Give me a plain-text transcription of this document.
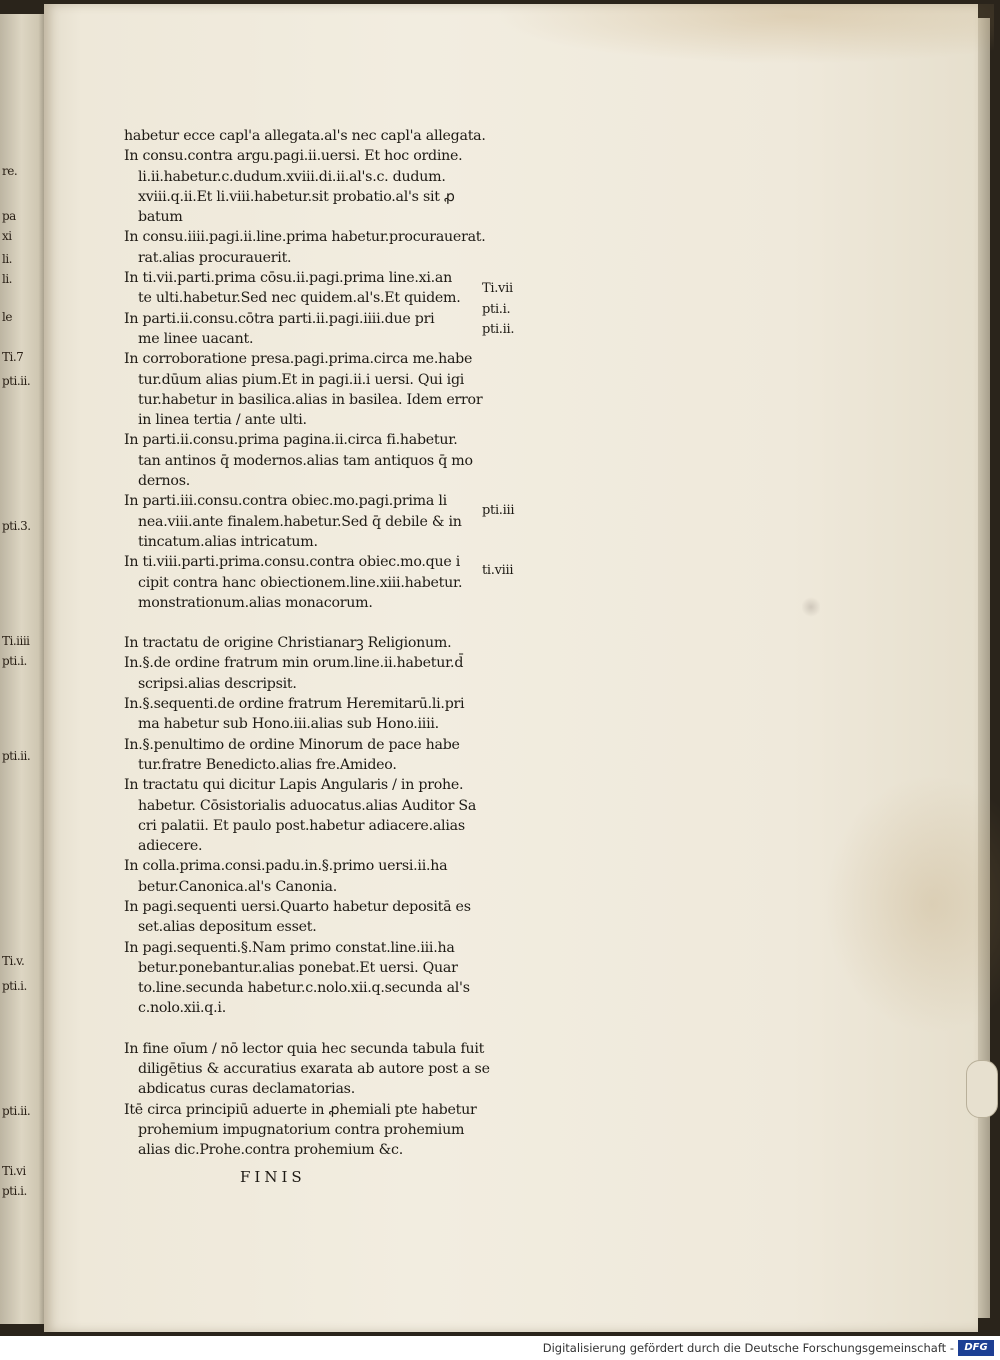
re.
pa
xi
li.
li.
le
Ti.7
pti.ii.
pti.3.
Ti.iiii
pti.i.
pti.ii.
Ti.v.
pti.i.
pti.ii.
Ti.vi
pti.i.
habetur ecce capl'a allegata.al's nec capl'a allegata.
In consu.contra argu.pagi.ii.uersi. Et hoc ordine.
li.ii.habetur.c.dudum.xviii.di.ii.al's.c. dudum.
xviii.q.ii.Et li.viii.habetur.sit probatio.al's sit ꝓ
batum
In consu.iiii.pagi.ii.line.prima habetur.procurauerat.
rat.alias procurauerit.
In ti.vii.parti.prima cōsu.ii.pagi.prima line.xi.an
te ulti.habetur.Sed nec quidem.al's.Et quidem.
In parti.ii.consu.cōtra parti.ii.pagi.iiii.due pri
me linee uacant.
In corroboratione presa.pagi.prima.circa me.habe
tur.dūum alias pium.Et in pagi.ii.i uersi. Qui igi
tur.habetur in basilica.alias in basilea. Idem error
in linea tertia / ante ulti.
In parti.ii.consu.prima pagina.ii.circa fi.habetur.
tan antinos q̄ modernos.alias tam antiquos q̄ mo
dernos.
In parti.iii.consu.contra obiec.mo.pagi.prima li
nea.viii.ante finalem.habetur.Sed q̄ debile & in
tincatum.alias intricatum.
In ti.viii.parti.prima.consu.contra obiec.mo.que i
cipit contra hanc obiectionem.line.xiii.habetur.
monstrationum.alias monacorum.
In tractatu de origine Christianarꝫ Religionum.
In.§.de ordine fratrum min orum.line.ii.habetur.d̄
scripsi.alias descripsit.
In.§.sequenti.de ordine fratrum Heremitarū.li.pri
ma habetur sub Hono.iii.alias sub Hono.iiii.
In.§.penultimo de ordine Minorum de pace habe
tur.fratre Benedicto.alias fre.Amideo.
In tractatu qui dicitur Lapis Angularis / in prohe.
habetur. Cōsistorialis aduocatus.alias Auditor Sa
cri palatii. Et paulo post.habetur adiacere.alias
adiecere.
In colla.prima.consi.padu.in.§.primo uersi.ii.ha
betur.Canonica.al's Canonia.
In pagi.sequenti uersi.Quarto habetur depositā es
set.alias depositum esset.
In pagi.sequenti.§.Nam primo constat.line.iii.ha
betur.ponebantur.alias ponebat.Et uersi. Quar
to.line.secunda habetur.c.nolo.xii.q.secunda al's
c.nolo.xii.q.i.
In fine oīum / nō lector quia hec secunda tabula fuit
diligētius & accuratius exarata ab autore post a se
abdicatus curas declamatorias.
Itē circa principiū aduerte in ꝓhemiali pte habetur
prohemium impugnatorium contra prohemium
alias dic.Prohe.contra prohemium &c.
Ti.vii
pti.i.
pti.ii.
pti.iii
ti.viii
FINIS
Digitalisierung gefördert durch die Deutsche Forschungsgemeinschaft -	DFG
